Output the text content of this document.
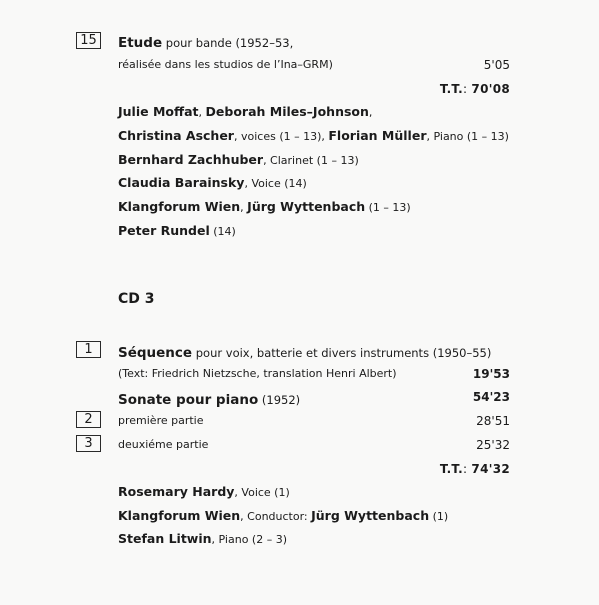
15	Etude pour bande (1952–53,
réalisée dans les studios de l’Ina–GRM)	5'05
T.T.: 70'08
Julie Moffat, Deborah Miles–Johnson,
Christina Ascher, voices (1 – 13), Florian Müller, Piano (1 – 13)
Bernhard Zachhuber, Clarinet (1 – 13)
Claudia Barainsky, Voice (14)
Klangforum Wien, Jürg Wyttenbach (1 – 13)
Peter Rundel (14)
CD 3
1	Séquence pour voix, batterie et divers instruments (1950–55)
(Text: Friedrich Nietzsche, translation Henri Albert)	19'53
Sonate pour piano (1952)	54'23
2	première partie	28'51
3	deuxiéme partie	25'32
T.T.: 74'32
Rosemary Hardy, Voice (1)
Klangforum Wien, Conductor: Jürg Wyttenbach (1)
Stefan Litwin, Piano (2 – 3)
